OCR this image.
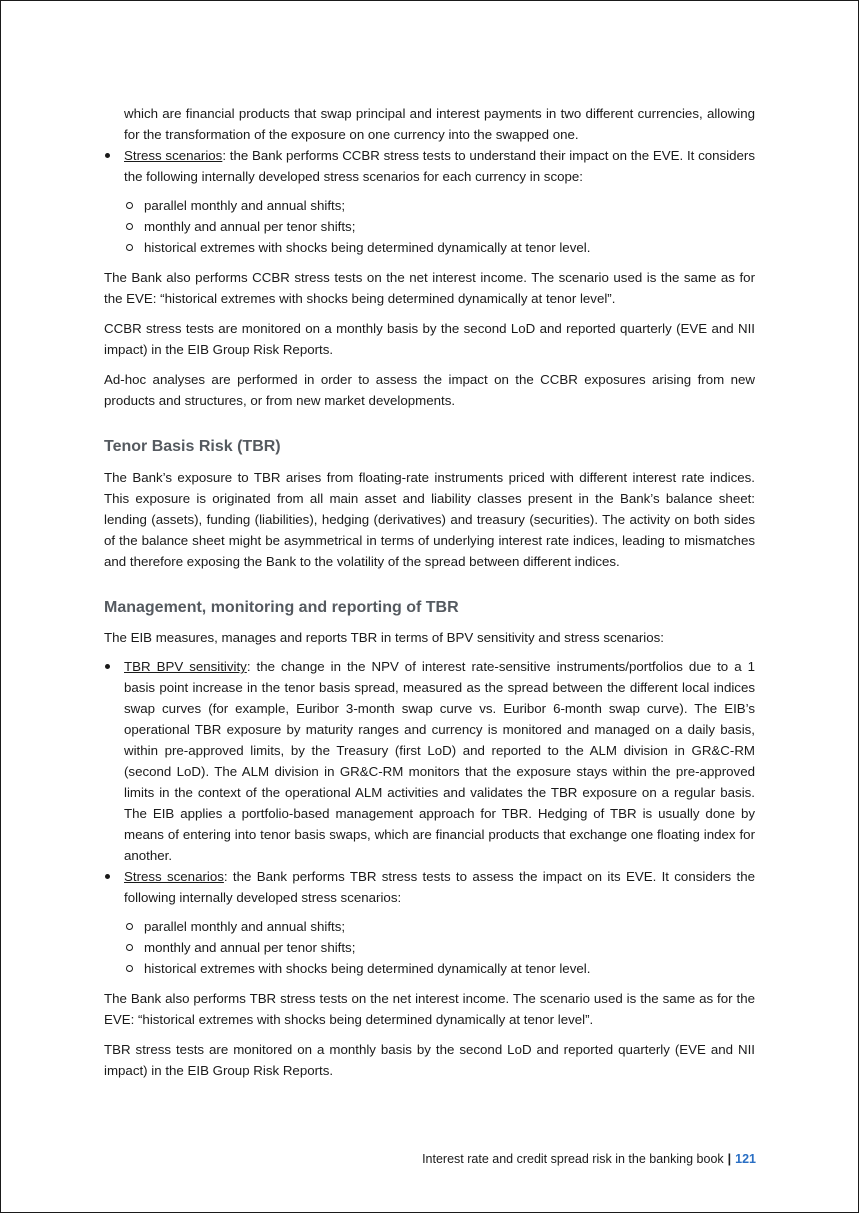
which are financial products that swap principal and interest payments in two different currencies, allowing for the transformation of the exposure on one currency into the swapped one.

Stress scenarios: the Bank performs CCBR stress tests to understand their impact on the EVE. It considers the following internally developed stress scenarios for each currency in scope:
parallel monthly and annual shifts;
monthly and annual per tenor shifts;
historical extremes with shocks being determined dynamically at tenor level.

The Bank also performs CCBR stress tests on the net interest income. The scenario used is the same as for the EVE: “historical extremes with shocks being determined dynamically at tenor level”.

CCBR stress tests are monitored on a monthly basis by the second LoD and reported quarterly (EVE and NII impact) in the EIB Group Risk Reports.

Ad-hoc analyses are performed in order to assess the impact on the CCBR exposures arising from new products and structures, or from new market developments.

Tenor Basis Risk (TBR)

The Bank’s exposure to TBR arises from floating-rate instruments priced with different interest rate indices. This exposure is originated from all main asset and liability classes present in the Bank’s balance sheet: lending (assets), funding (liabilities), hedging (derivatives) and treasury (securities). The activity on both sides of the balance sheet might be asymmetrical in terms of underlying interest rate indices, leading to mismatches and therefore exposing the Bank to the volatility of the spread between different indices.

Management, monitoring and reporting of TBR

The EIB measures, manages and reports TBR in terms of BPV sensitivity and stress scenarios:

TBR BPV sensitivity: the change in the NPV of interest rate-sensitive instruments/portfolios due to a 1 basis point increase in the tenor basis spread, measured as the spread between the different local indices swap curves (for example, Euribor 3-month swap curve vs. Euribor 6-month swap curve). The EIB’s operational TBR exposure by maturity ranges and currency is monitored and managed on a daily basis, within pre-approved limits, by the Treasury (first LoD) and reported to the ALM division in GR&C-RM (second LoD). The ALM division in GR&C-RM monitors that the exposure stays within the pre-approved limits in the context of the operational ALM activities and validates the TBR exposure on a regular basis. The EIB applies a portfolio-based management approach for TBR. Hedging of TBR is usually done by means of entering into tenor basis swaps, which are financial products that exchange one floating index for another.
Stress scenarios: the Bank performs TBR stress tests to assess the impact on its EVE. It considers the following internally developed stress scenarios:
parallel monthly and annual shifts;
monthly and annual per tenor shifts;
historical extremes with shocks being determined dynamically at tenor level.

The Bank also performs TBR stress tests on the net interest income. The scenario used is the same as for the EVE: “historical extremes with shocks being determined dynamically at tenor level”.

TBR stress tests are monitored on a monthly basis by the second LoD and reported quarterly (EVE and NII impact) in the EIB Group Risk Reports.

Interest rate and credit spread risk in the banking book | 121
